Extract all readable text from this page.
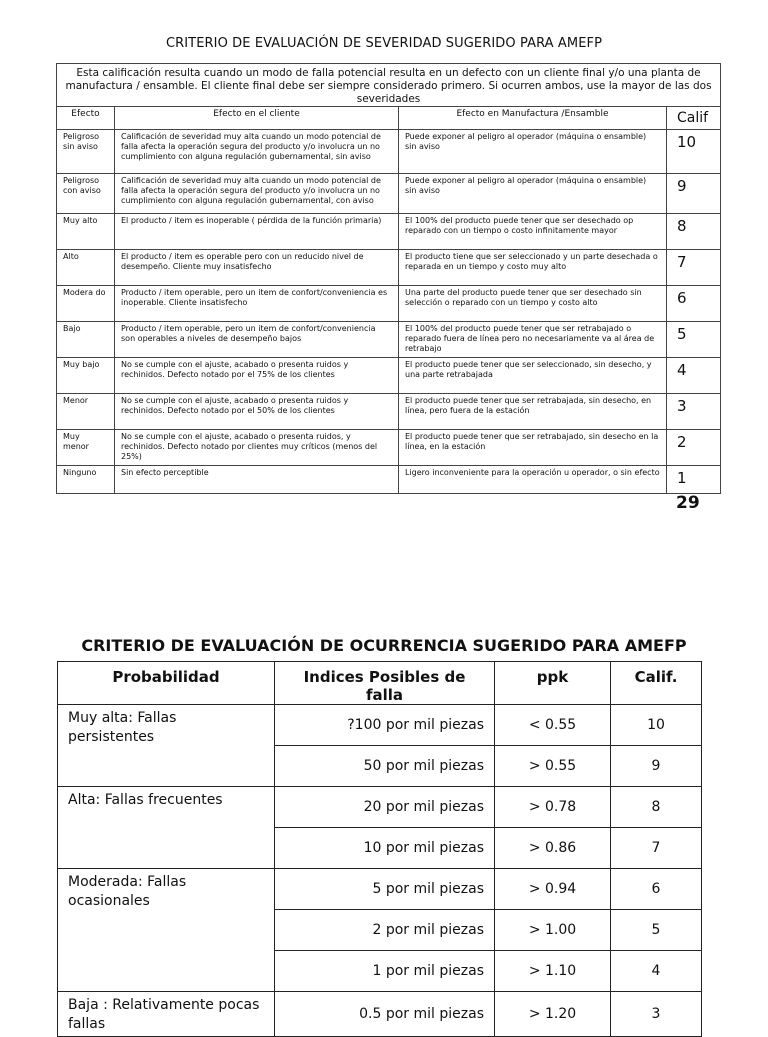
CRITERIO DE EVALUACIÓN DE SEVERIDAD SUGERIDO PARA AMEFP
Esta calificación resulta cuando un modo de falla potencial resulta en un defecto con un cliente final y/o una planta de manufactura / ensamble. El cliente final debe ser siempre considerado primero. Si ocurren ambos, use la mayor de las dos severidades			
Efecto	Efecto en el cliente	Efecto en Manufactura /Ensamble	Calif
Peligroso sin aviso	Calificación de severidad muy alta cuando un modo potencial de falla afecta la operación segura del producto y/o involucra un no cumplimiento con alguna regulación gubernamental, sin aviso	Puede exponer al peligro al operador (máquina o ensamble) sin aviso	10
Peligroso con aviso	Calificación de severidad muy alta cuando un modo potencial de falla afecta la operación segura del producto y/o involucra un no cumplimiento con alguna regulación gubernamental, con aviso	Puede exponer al peligro al operador (máquina o ensamble) sin aviso	9
Muy alto	El producto / item es inoperable ( pérdida de la función primaria)	El 100% del producto puede tener que ser desechado op reparado con un tiempo o costo infinitamente mayor	8
Alto	El producto / item es operable pero con un reducido nivel de desempeño. Cliente muy insatisfecho	El producto tiene que ser seleccionado y un parte desechada o reparada en un tiempo y costo muy alto	7
Modera do	Producto / item operable, pero un item de confort/conveniencia es inoperable. Cliente insatisfecho	Una parte del producto puede tener que ser desechado sin selección o reparado con un tiempo y costo alto	6
Bajo	Producto / item operable, pero un item de confort/conveniencia son operables a niveles de desempeño bajos	El 100% del producto puede tener que ser retrabajado o reparado fuera de línea pero no necesariamente va al área de retrabajo	5
Muy bajo	No se cumple con el ajuste, acabado o presenta ruidos y rechinidos. Defecto notado por el 75% de los clientes	El producto puede tener que ser seleccionado, sin desecho, y una parte retrabajada	4
Menor	No se cumple con el ajuste, acabado o presenta ruidos y rechinidos. Defecto notado por el 50% de los clientes	El producto puede tener que ser retrabajada, sin desecho, en línea, pero fuera de la estación	3
Muy menor	No se cumple con el ajuste, acabado o presenta ruidos, y rechinidos. Defecto notado por clientes muy críticos (menos del 25%)	El producto puede tener que ser retrabajado, sin desecho en la línea, en la estación	2
Ninguno	Sin efecto perceptible	Ligero inconveniente para la operación u operador, o sin efecto	1
29
CRITERIO DE EVALUACIÓN DE OCURRENCIA SUGERIDO PARA AMEFP
Probabilidad	Indices Posibles de falla	ppk	Calif.
Muy alta: Fallas persistentes	?100 por mil piezas	< 0.55	10
	50 por mil piezas	> 0.55	9
Alta: Fallas frecuentes	20 por mil piezas	> 0.78	8
	10 por mil piezas	> 0.86	7
Moderada: Fallas ocasionales	5 por mil piezas	> 0.94	6
	2 por mil piezas	> 1.00	5
	1 por mil piezas	> 1.10	4
Baja : Relativamente pocas fallas	0.5 por mil piezas	> 1.20	3
